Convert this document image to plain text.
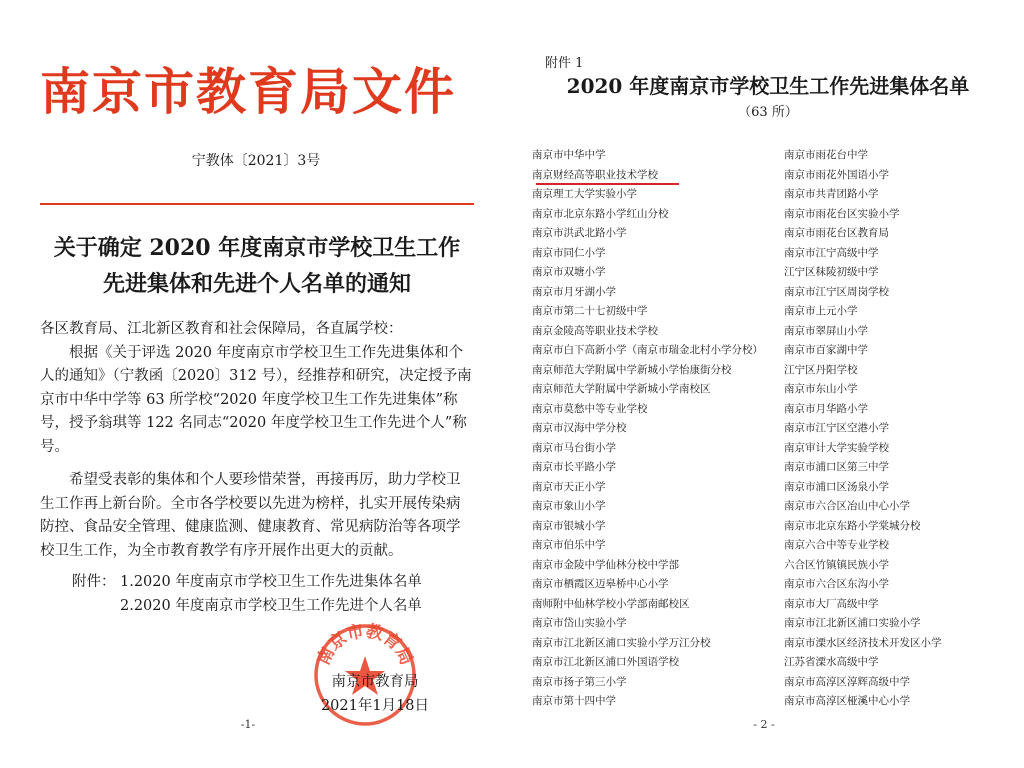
南京市教育局文件
宁教体〔2021〕3号
关于确定 2020 年度南京市学校卫生工作
先进集体和先进个人名单的通知

各区教育局、江北新区教育和社会保障局，各直属学校：

根据《关于评选 2020 年度南京市学校卫生工作先进集体和个人的通知》（宁教函〔2020〕312 号），经推荐和研究，决定授予南京市中华中学等 63 所学校“2020 年度学校卫生工作先进集体”称号，授予翁琪等 122 名同志“2020 年度学校卫生工作先进个人”称号。

希望受表彰的集体和个人要珍惜荣誉，再接再厉，助力学校卫生工作再上新台阶。全市各学校要以先进为榜样，扎实开展传染病防控、食品安全管理、健康监测、健康教育、常见病防治等各项学校卫生工作，为全市教育教学有序开展作出更大的贡献。

附件： 1.2020 年度南京市学校卫生工作先进集体名单
2.2020 年度南京市学校卫生工作先进个人名单
南京市教育局
南京市教育局
2021年1月18日
-1-
附件 1
2020 年度南京市学校卫生工作先进集体名单
（63 所）
南京市中华中学
南京财经高等职业技术学校
南京理工大学实验小学
南京市北京东路小学红山分校
南京市洪武北路小学
南京市同仁小学
南京市双塘小学
南京市月牙湖小学
南京市第二十七初级中学
南京金陵高等职业技术学校
南京市白下高新小学（南京市瑞金北村小学分校）
南京师范大学附属中学新城小学怡康街分校
南京师范大学附属中学新城小学南校区
南京市莫愁中等专业学校
南京市汉海中学分校
南京市马台街小学
南京市长平路小学
南京市天正小学
南京市象山小学
南京市银城小学
南京市伯乐中学
南京市金陵中学仙林分校中学部
南京市栖霞区迈皋桥中心小学
南师附中仙林学校小学部南邮校区
南京市岱山实验小学
南京市江北新区浦口实验小学万江分校
南京市江北新区浦口外国语学校
南京市扬子第三小学
南京市第十四中学
南京市雨花台中学
南京市雨花外国语小学
南京市共青团路小学
南京市雨花台区实验小学
南京市雨花台区教育局
南京市江宁高级中学
江宁区秣陵初级中学
南京市江宁区周岗学校
南京市上元小学
南京市翠屏山小学
南京市百家湖中学
江宁区丹阳学校
南京市东山小学
南京市月华路小学
南京市江宁区空港小学
南京审计大学实验学校
南京市浦口区第三中学
南京市浦口区汤泉小学
南京市六合区冶山中心小学
南京市北京东路小学棠城分校
南京六合中等专业学校
六合区竹镇镇民族小学
南京市六合区东沟小学
南京市大厂高级中学
南京市江北新区浦口实验小学
南京市溧水区经济技术开发区小学
江苏省溧水高级中学
南京市高淳区淳辉高级中学
南京市高淳区桠溪中心小学
- 2 -
